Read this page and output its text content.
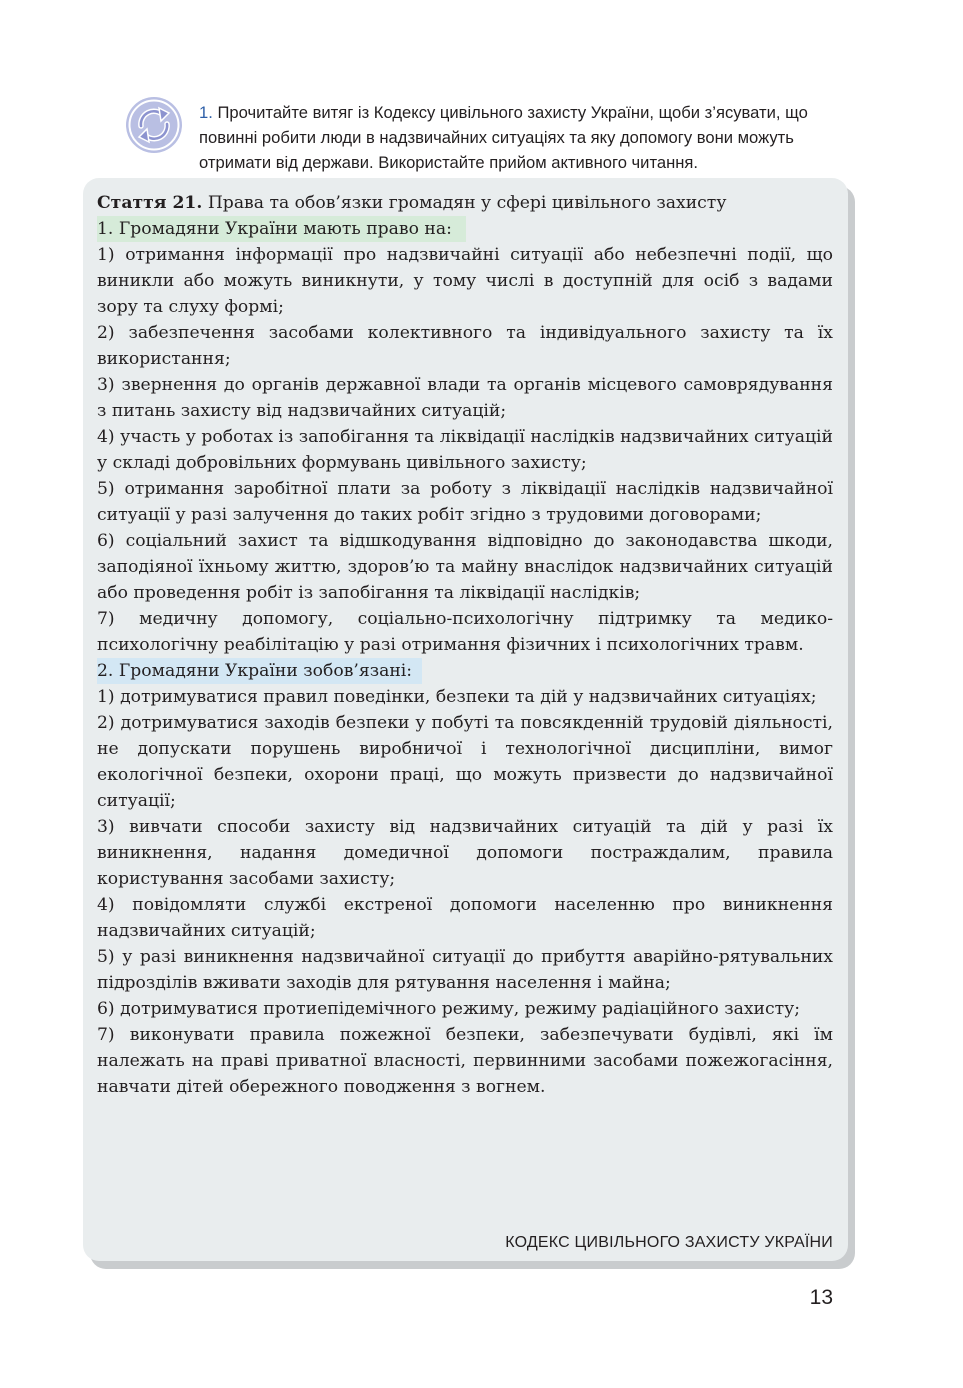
1. Прочитайте витяг із Кодексу цивільного захисту України, щоби з’ясувати, що повинні робити люди в надзвичайних ситуаціях та яку допомогу вони можуть отримати від держави. Використайте прийом активного читання.

Стаття 21. Права та обов’язки громадян у сфері цивільного захисту

1. Громадяни України мають право на:

1) отримання інформації про надзвичайні ситуації або небезпечні події, що виникли або можуть виникнути, у тому числі в доступній для осіб з вадами зору та слуху формі;

2) забезпечення засобами колективного та індивідуального захисту та їх використання;

3) звернення до органів державної влади та органів місцевого самоврядування з питань захисту від надзвичайних ситуацій;

4) участь у роботах із запобігання та ліквідації наслідків надзвичайних ситуацій у складі добровільних формувань цивільного захисту;

5) отримання заробітної плати за роботу з ліквідації наслідків надзвичайної ситуації у разі залучення до таких робіт згідно з трудовими договорами;

6) соціальний захист та відшкодування відповідно до законодавства шкоди, заподіяної їхньому життю, здоров’ю та майну внаслідок надзвичайних ситуацій або проведення робіт із запобігання та ліквідації наслідків;

7) медичну допомогу, соціально-психологічну підтримку та медико-психологічну реабілітацію у разі отримання фізичних і психологічних травм.

2. Громадяни України зобов’язані:

1) дотримуватися правил поведінки, безпеки та дій у надзвичайних ситуаціях;

2) дотримуватися заходів безпеки у побуті та повсякденній трудовій діяльності, не допускати порушень виробничої і технологічної дисципліни, вимог екологічної безпеки, охорони праці, що можуть призвести до надзвичайної ситуації;

3) вивчати способи захисту від надзвичайних ситуацій та дій у разі їх виникнення, надання домедичної допомоги постраждалим, правила користування засобами захисту;

4) повідомляти службі екстреної допомоги населенню про виникнення надзвичайних ситуацій;

5) у разі виникнення надзвичайної ситуації до прибуття аварійно-рятувальних підрозділів вживати заходів для рятування населення і майна;

6) дотримуватися протиепідемічного режиму, режиму радіаційного захисту;

7) виконувати правила пожежної безпеки, забезпечувати будівлі, які їм належать на праві приватної власності, первинними засобами пожежогасіння, навчати дітей обережного поводження з вогнем.

КОДЕКС ЦИВІЛЬНОГО ЗАХИСТУ УКРАЇНИ
13
